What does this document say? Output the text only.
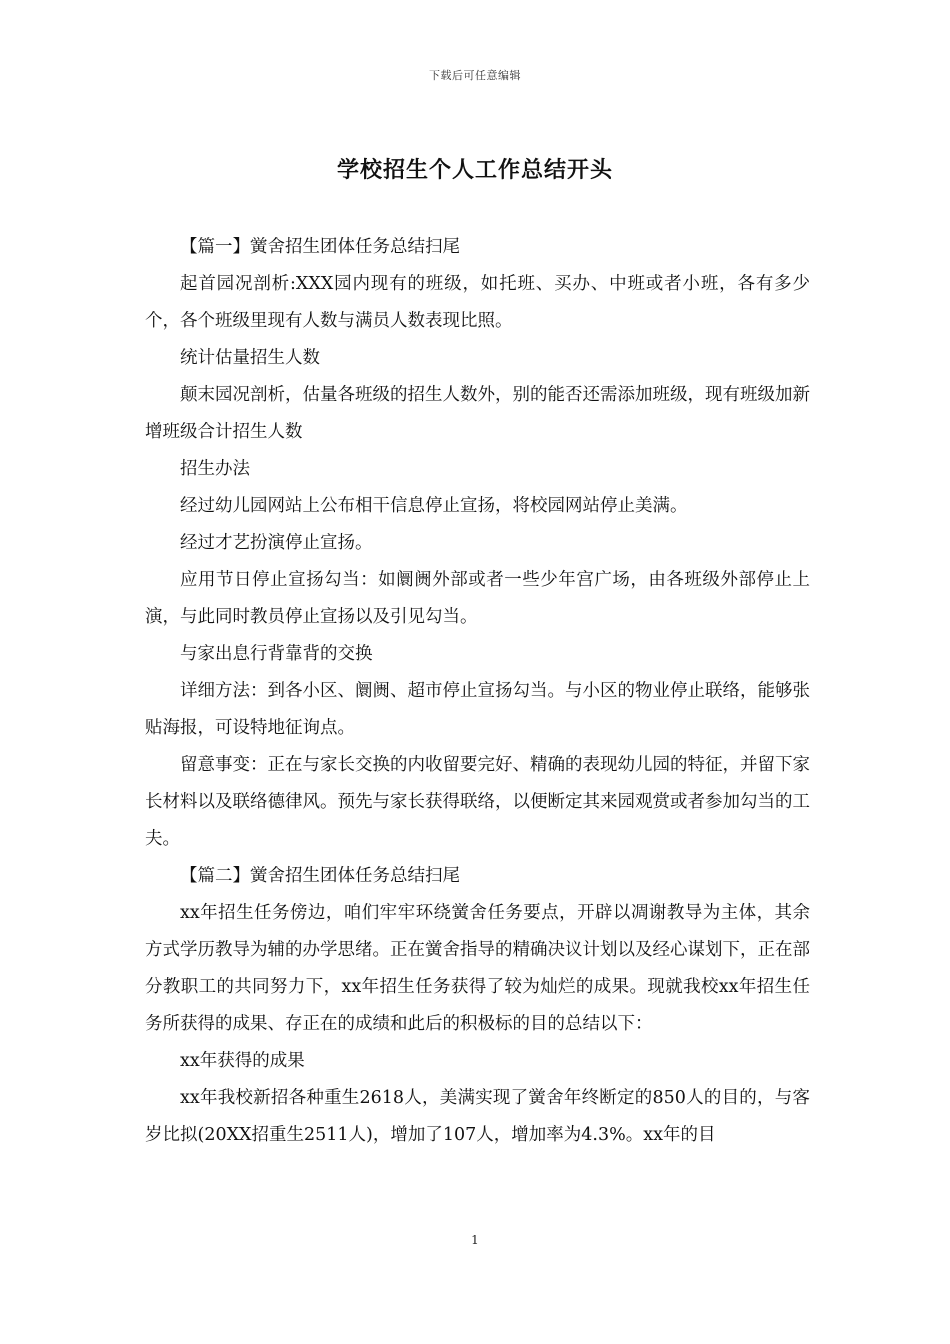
下载后可任意编辑
学校招生个人工作总结开头

【篇一】黉舍招生团体任务总结扫尾

起首园况剖析:XXX园内现有的班级，如托班、买办、中班或者小班，各有多少个，各个班级里现有人数与满员人数表现比照。

统计估量招生人数

颠末园况剖析，估量各班级的招生人数外，别的能否还需添加班级，现有班级加新增班级合计招生人数

招生办法

经过幼儿园网站上公布相干信息停止宣扬，将校园网站停止美满。

经过才艺扮演停止宣扬。

应用节日停止宣扬勾当：如阛阓外部或者一些少年宫广场，由各班级外部停止上演，与此同时教员停止宣扬以及引见勾当。

与家出息行背靠背的交换

详细方法：到各小区、阛阓、超市停止宣扬勾当。与小区的物业停止联络，能够张贴海报，可设特地征询点。

留意事变：正在与家长交换的内收留要完好、精确的表现幼儿园的特征，并留下家长材料以及联络德律风。预先与家长获得联络，以便断定其来园观赏或者参加勾当的工夫。

【篇二】黉舍招生团体任务总结扫尾

xx年招生任务傍边，咱们牢牢环绕黉舍任务要点，开辟以凋谢教导为主体，其余方式学历教导为辅的办学思绪。正在黉舍指导的精确决议计划以及经心谋划下，正在部分教职工的共同努力下，xx年招生任务获得了较为灿烂的成果。现就我校xx年招生任务所获得的成果、存正在的成绩和此后的积极标的目的总结以下：

xx年获得的成果

xx年我校新招各种重生2618人，美满实现了黉舍年终断定的850人的目的，与客岁比拟(20XX招重生2511人)，增加了107人，增加率为4.3%。xx年的目

1
